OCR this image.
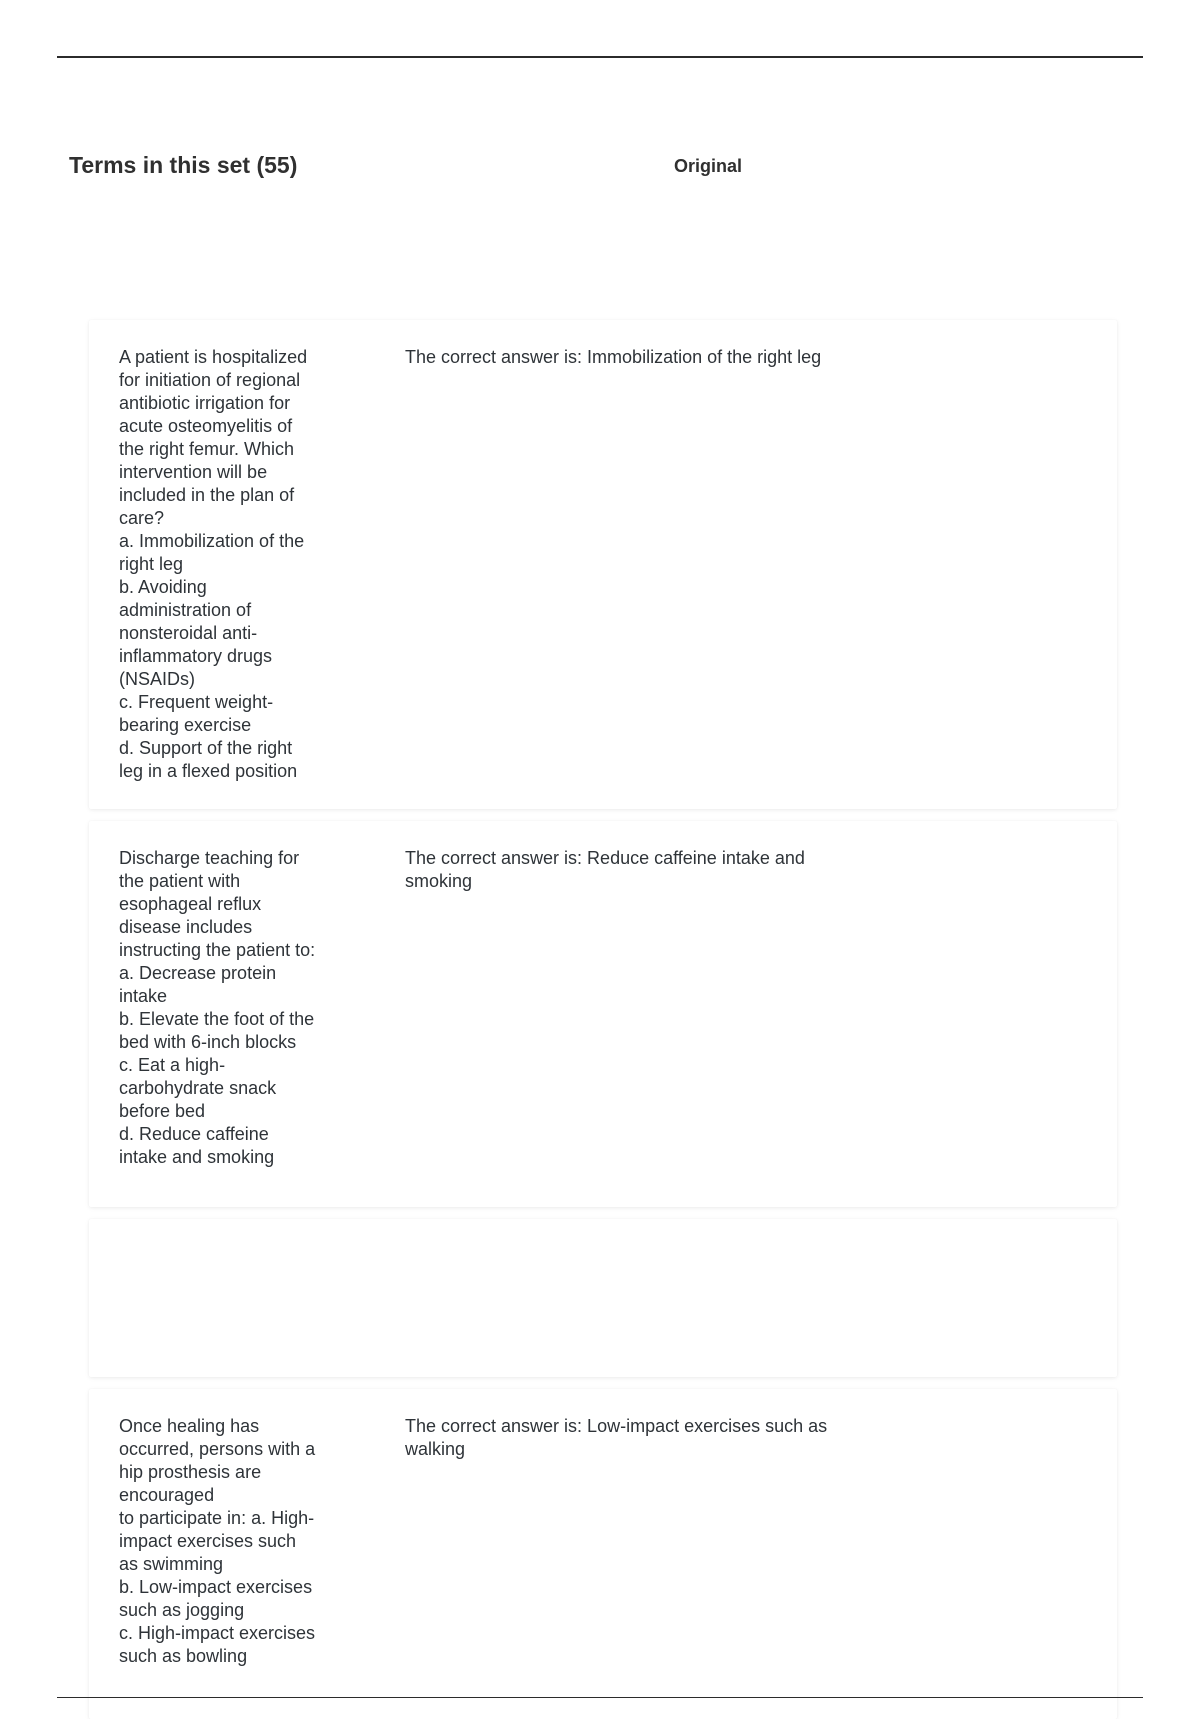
Terms in this set (55)	Original
A patient is hospitalized
for initiation of regional
antibiotic irrigation for
acute osteomyelitis of
the right femur. Which
intervention will be
included in the plan of
care?
a. Immobilization of the
right leg
b. Avoiding
administration of
nonsteroidal anti-
inflammatory drugs
(NSAIDs)
c. Frequent weight-
bearing exercise
d. Support of the right
leg in a flexed position
The correct answer is: Immobilization of the right leg
Discharge teaching for
the patient with
esophageal reflux
disease includes
instructing the patient to:
a. Decrease protein
intake
b. Elevate the foot of the
bed with 6-inch blocks
c. Eat a high-
carbohydrate snack
before bed
d. Reduce caffeine
intake and smoking
The correct answer is: Reduce caffeine intake and smoking
Once healing has
occurred, persons with a
hip prosthesis are
encouraged
to participate in: a. High-
impact exercises such
as swimming
b. Low-impact exercises
such as jogging
c. High-impact exercises
such as bowling
The correct answer is: Low-impact exercises such as walking
